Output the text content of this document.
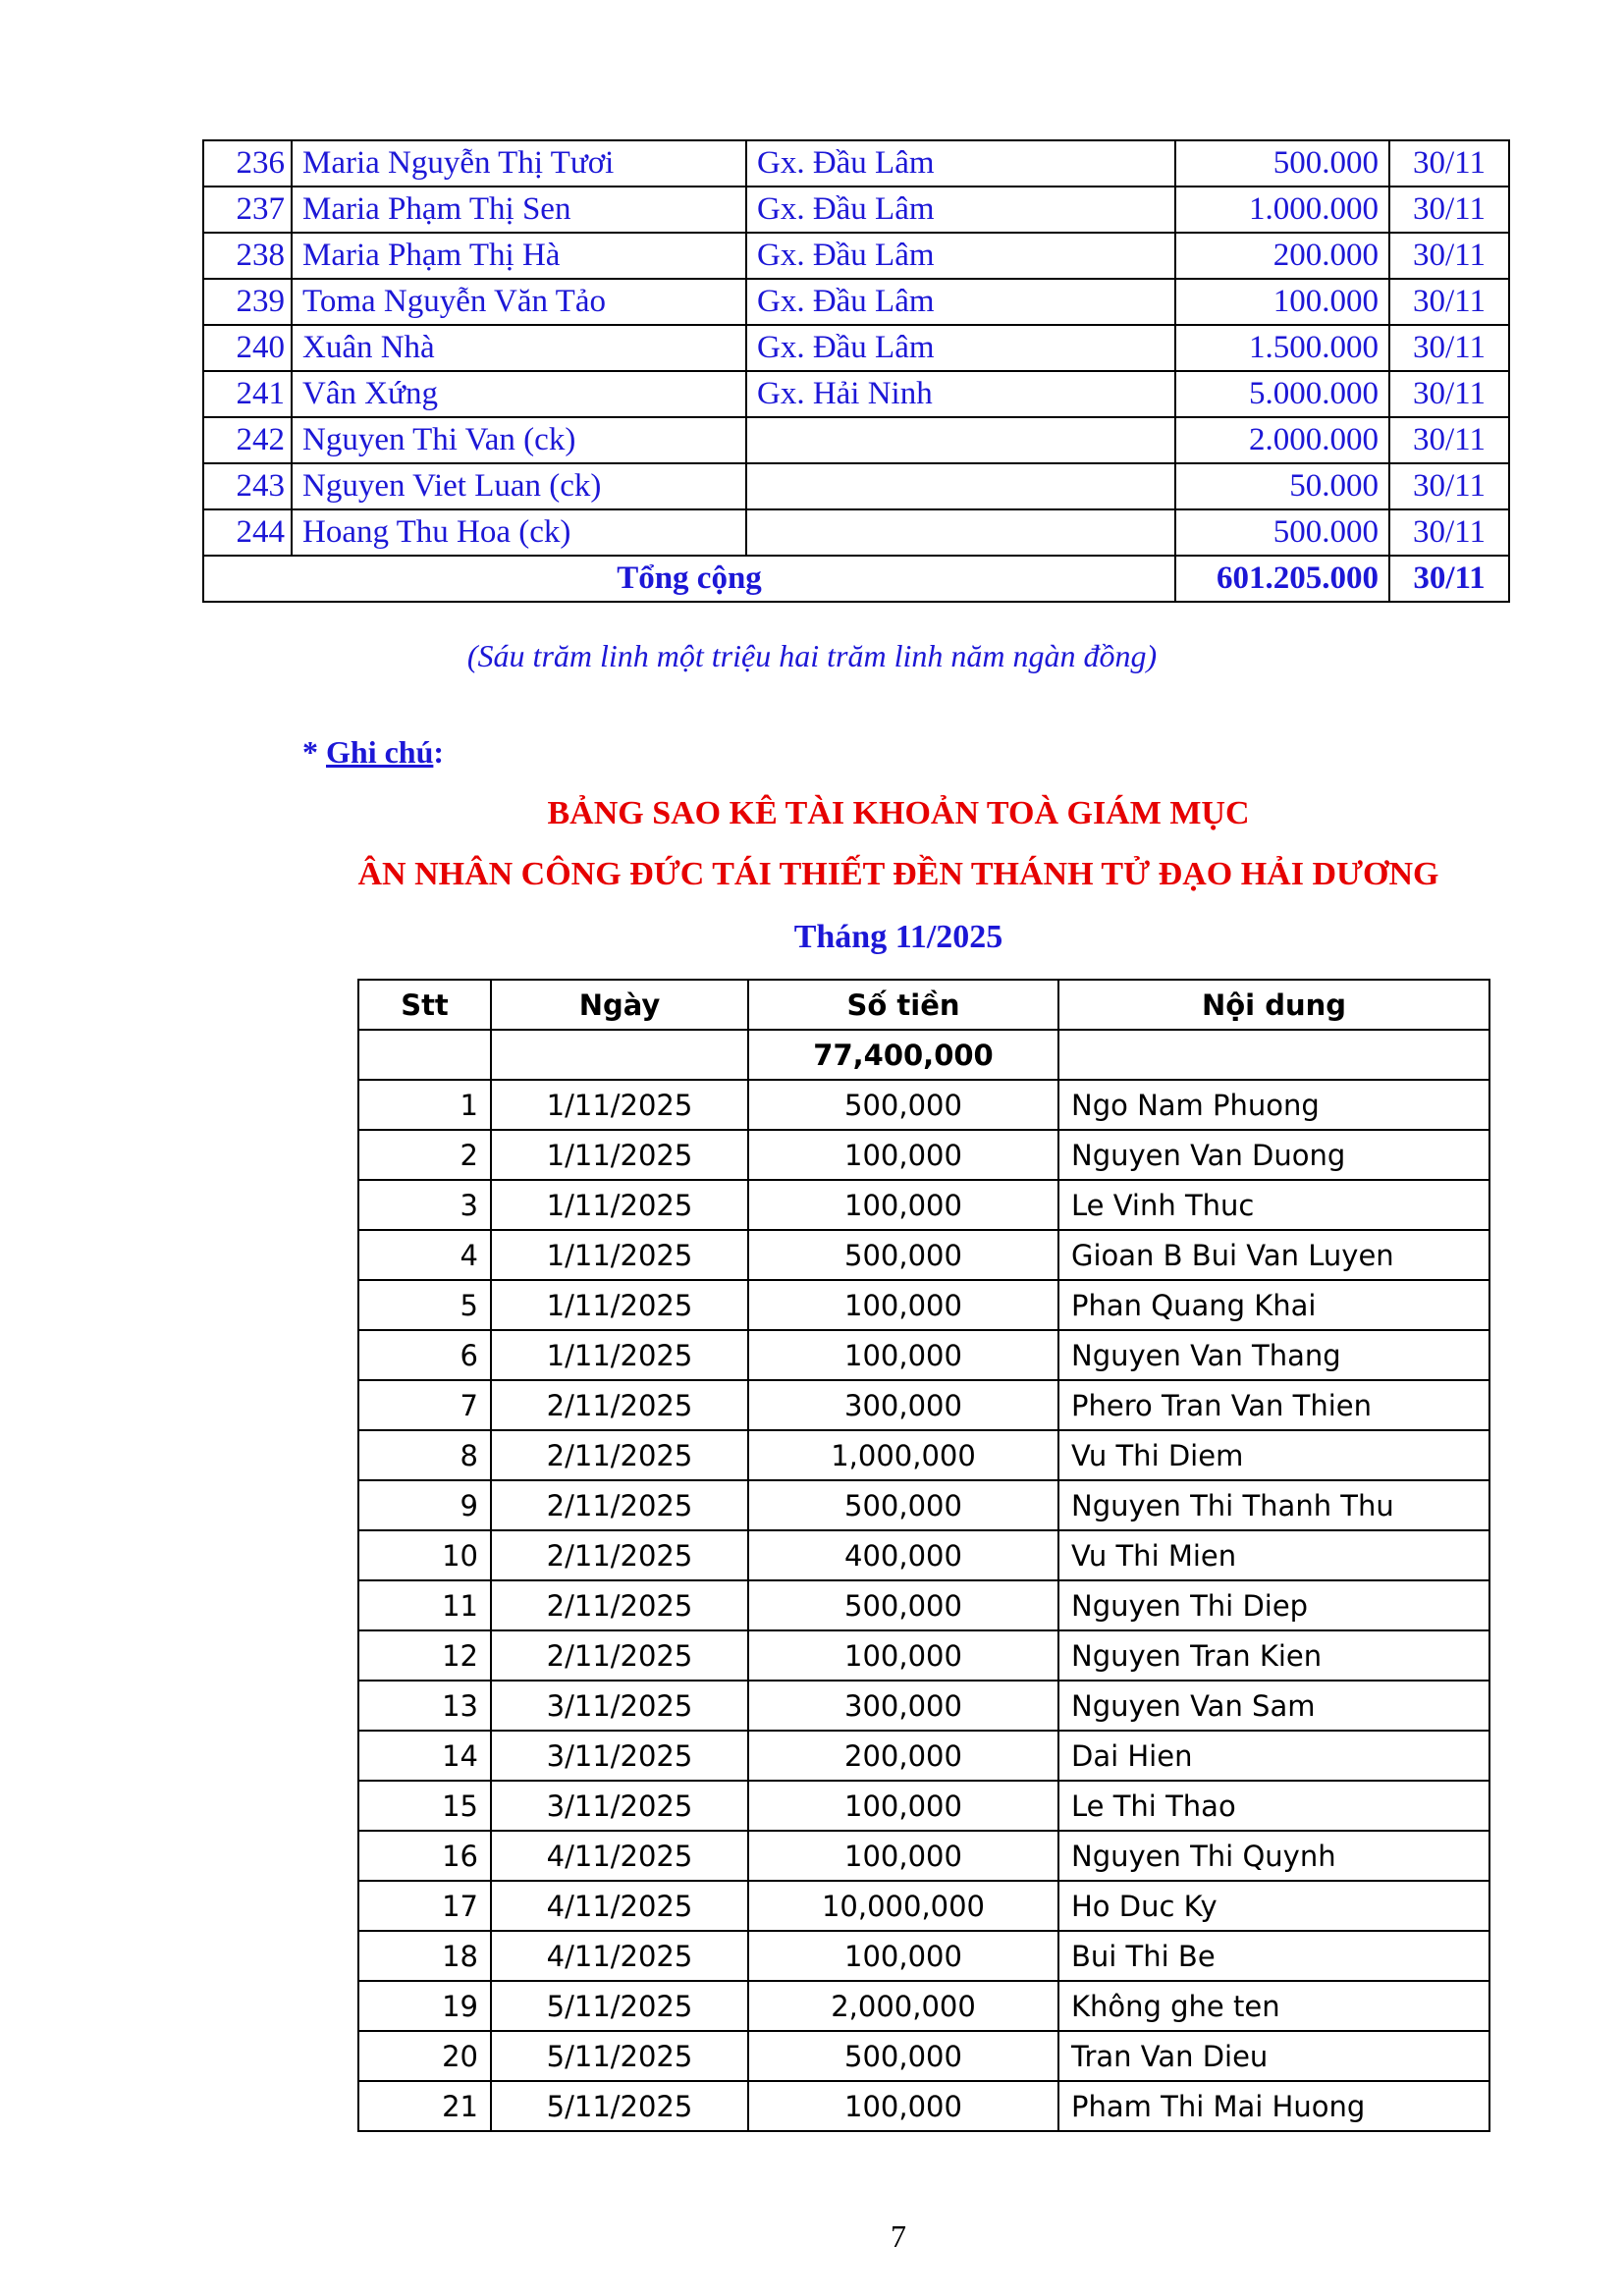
236	Maria Nguyễn Thị Tươi	Gx. Đầu Lâm	500.000	30/11
237	Maria Phạm Thị Sen	Gx. Đầu Lâm	1.000.000	30/11
238	Maria Phạm Thị Hà	Gx. Đầu Lâm	200.000	30/11
239	Toma Nguyễn Văn Tảo	Gx. Đầu Lâm	100.000	30/11
240	Xuân Nhà	Gx. Đầu Lâm	1.500.000	30/11
241	Vân Xứng	Gx. Hải Ninh	5.000.000	30/11
242	Nguyen Thi Van (ck)		2.000.000	30/11
243	Nguyen Viet Luan (ck)		50.000	30/11
244	Hoang Thu Hoa (ck)		500.000	30/11
Tổng cộng			601.205.000	30/11
(Sáu trăm linh một triệu hai trăm linh năm ngàn đồng)
* Ghi chú:
BẢNG SAO KÊ TÀI KHOẢN TOÀ GIÁM MỤC
ÂN NHÂN CÔNG ĐỨC TÁI THIẾT ĐỀN THÁNH TỬ ĐẠO HẢI DƯƠNG
Tháng 11/2025
Stt	Ngày	Số tiền	Nội dung
		77,400,000	
1	1/11/2025	500,000	Ngo Nam Phuong
2	1/11/2025	100,000	Nguyen Van Duong
3	1/11/2025	100,000	Le Vinh Thuc
4	1/11/2025	500,000	Gioan B Bui Van Luyen
5	1/11/2025	100,000	Phan Quang Khai
6	1/11/2025	100,000	Nguyen Van Thang
7	2/11/2025	300,000	Phero Tran Van Thien
8	2/11/2025	1,000,000	Vu Thi Diem
9	2/11/2025	500,000	Nguyen Thi Thanh Thu
10	2/11/2025	400,000	Vu Thi Mien
11	2/11/2025	500,000	Nguyen Thi Diep
12	2/11/2025	100,000	Nguyen Tran Kien
13	3/11/2025	300,000	Nguyen Van Sam
14	3/11/2025	200,000	Dai Hien
15	3/11/2025	100,000	Le Thi Thao
16	4/11/2025	100,000	Nguyen Thi Quynh
17	4/11/2025	10,000,000	Ho Duc Ky
18	4/11/2025	100,000	Bui Thi Be
19	5/11/2025	2,000,000	Không ghe ten
20	5/11/2025	500,000	Tran Van Dieu
21	5/11/2025	100,000	Pham Thi Mai Huong
7
